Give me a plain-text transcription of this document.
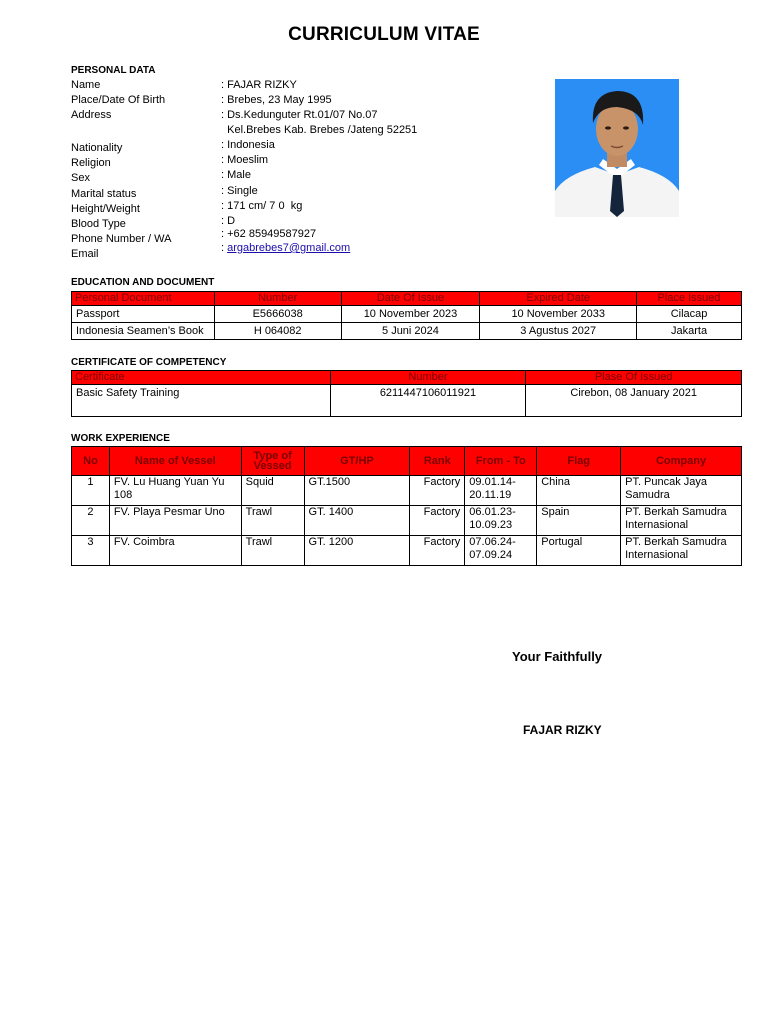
CURRICULUM VITAE
PERSONAL DATA
Name	: FAJAR RIZKY
Place/Date Of Birth	: Brebes, 23 May 1995
Address	: Ds.Kedunguter Rt.01/07 No.07
Kel.Brebes Kab. Brebes /Jateng 52251
Nationality	: Indonesia
Religion	: Moeslim
Sex	: Male
Marital status	: Single
Height/Weight	: 171 cm/ 7 0  kg
Blood Type	: D
Phone Number / WA	: +62 85949587927
Email	: argabrebes7@gmail.com
EDUCATION AND DOCUMENT
Personal Document	Number	Date Of Issue	Expired Date	Place Issued
Passport	E5666038	10 November 2023	10 November 2033	Cilacap
Indonesia Seamen’s Book	H 064082	5 Juni 2024	3 Agustus 2027	Jakarta
CERTIFICATE OF COMPETENCY
Certificate	Number	Plase Of Issued
Basic Safety Training	6211447106011921	Cirebon, 08 January 2021
WORK EXPERIENCE
No	Name of Vessel	Type of Vessed	GT/HP	Rank	From - To	Flag	Company
1	FV. Lu Huang Yuan Yu 108	Squid	GT.1500	Factory	09.01.14-20.11.19	China	PT. Puncak Jaya Samudra
2	FV. Playa Pesmar Uno	Trawl	GT. 1400	Factory	06.01.23-10.09.23	Spain	PT. Berkah Samudra Internasional
3	FV. Coimbra	Trawl	GT. 1200	Factory	07.06.24-07.09.24	Portugal	PT. Berkah Samudra Internasional
Your Faithfully
FAJAR RIZKY
